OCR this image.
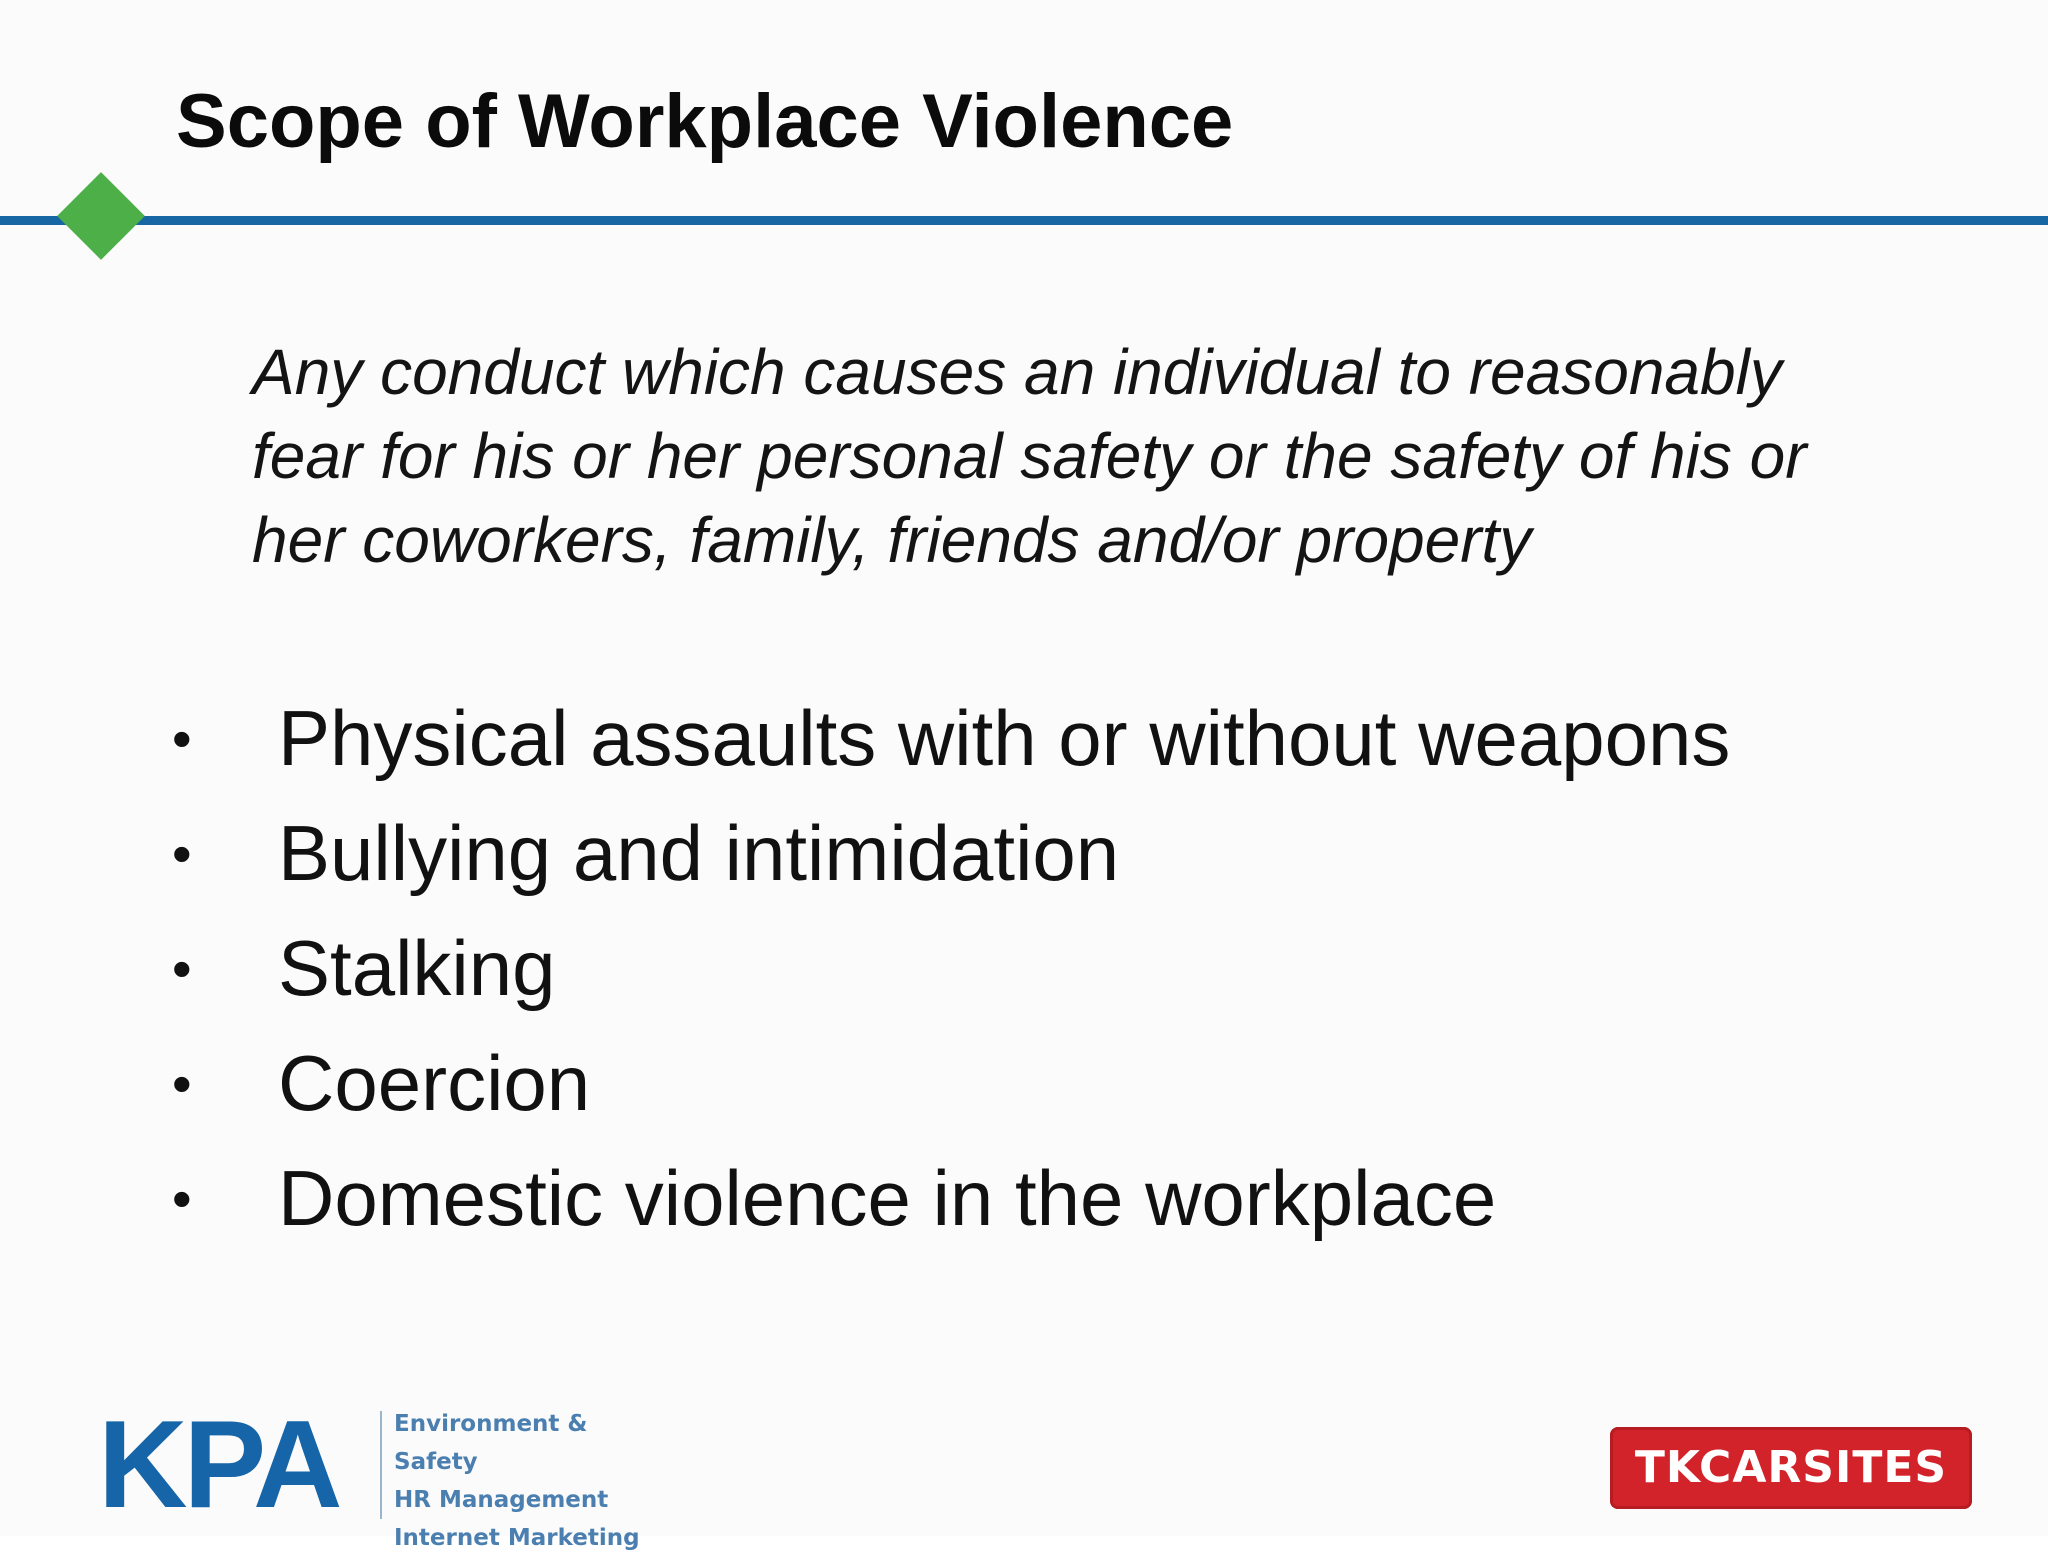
Scope of Workplace Violence
Any conduct which causes an individual to reasonably fear for his or her personal safety or the safety of his or her coworkers, family, friends and/or property
• Physical assaults with or without weapons
• Bullying and intimidation
• Stalking
• Coercion
• Domestic violence in the workplace
KPA Environment & Safety
HR Management
Internet Marketing
TKCARSITES
